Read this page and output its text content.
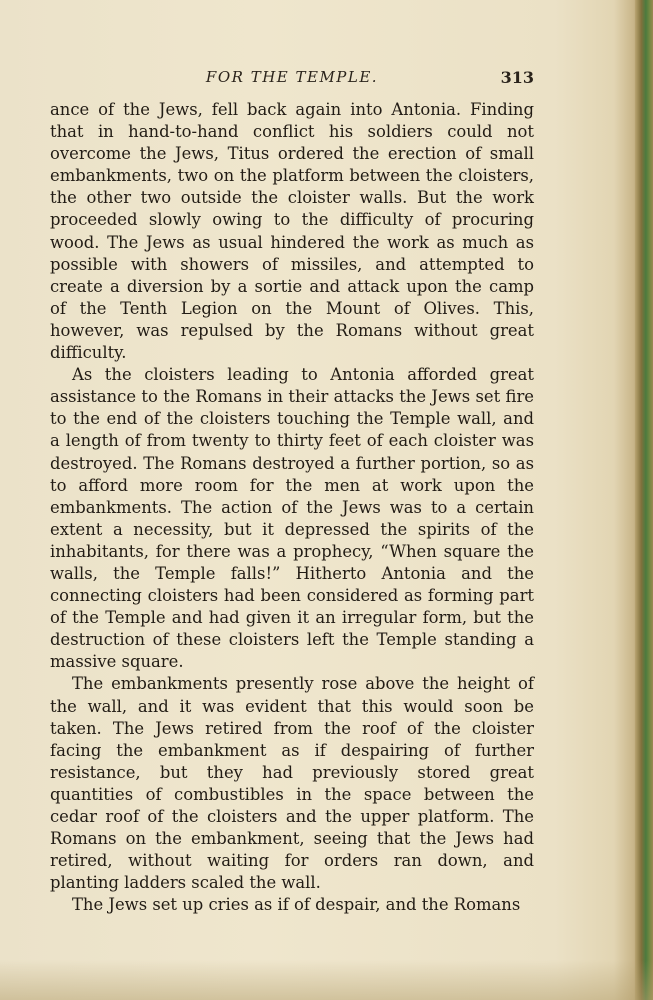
FOR THE TEMPLE.	313

ance of the Jews, fell back again into Antonia. Finding that in hand-to-hand conflict his soldiers could not overcome the Jews, Titus ordered the erection of small embankments, two on the platform between the cloisters, the other two outside the cloister walls. But the work proceeded slowly owing to the difficulty of procuring wood. The Jews as usual hindered the work as much as possible with showers of missiles, and attempted to create a diversion by a sortie and attack upon the camp of the Tenth Legion on the Mount of Olives. This, however, was repulsed by the Romans without great difficulty.

As the cloisters leading to Antonia afforded great assistance to the Romans in their attacks the Jews set fire to the end of the cloisters touching the Temple wall, and a length of from twenty to thirty feet of each cloister was destroyed. The Romans destroyed a further portion, so as to afford more room for the men at work upon the embankments. The action of the Jews was to a certain extent a necessity, but it depressed the spirits of the inhabitants, for there was a prophecy, “When square the walls, the Temple falls!” Hitherto Antonia and the connecting cloisters had been considered as forming part of the Temple and had given it an irregular form, but the destruction of these cloisters left the Temple standing a massive square.

The embankments presently rose above the height of the wall, and it was evident that this would soon be taken. The Jews retired from the roof of the cloister facing the embankment as if despairing of further resistance, but they had previously stored great quantities of combustibles in the space between the cedar roof of the cloisters and the upper platform. The Romans on the embankment, seeing that the Jews had retired, without waiting for orders ran down, and planting ladders scaled the wall.

The Jews set up cries as if of despair, and the Romans
